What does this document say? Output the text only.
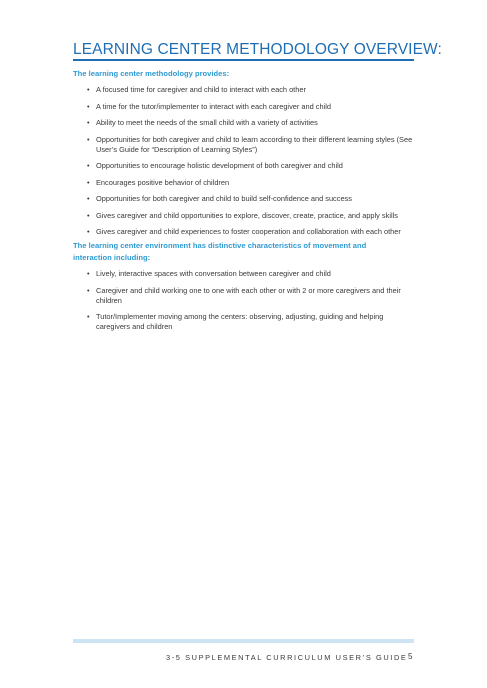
LEARNING CENTER METHODOLOGY OVERVIEW:
The learning center methodology provides:
• A focused time for caregiver and child to interact with each other
• A time for the tutor/implementer to interact with each caregiver and child
• Ability to meet the needs of the small child with a variety of activities
• Opportunities for both caregiver and child to learn according to their different learning styles (See User’s Guide for “Description of Learning Styles”)
• Opportunities to encourage holistic development of both caregiver and child
• Encourages positive behavior of children
• Opportunities for both caregiver and child to build self-confidence and success
• Gives caregiver and child opportunities to explore, discover, create, practice, and apply skills
• Gives caregiver and child experiences to foster cooperation and collaboration with each other
The learning center environment has distinctive characteristics of movement and interaction including:
• Lively, interactive spaces with conversation between caregiver and child
• Caregiver and child working one to one with each other or with 2 or more caregivers and their children
• Tutor/Implementer moving among the centers: observing, adjusting, guiding and helping caregivers and children
3-5 SUPPLEMENTAL CURRICULUM USER’S GUIDE 5
